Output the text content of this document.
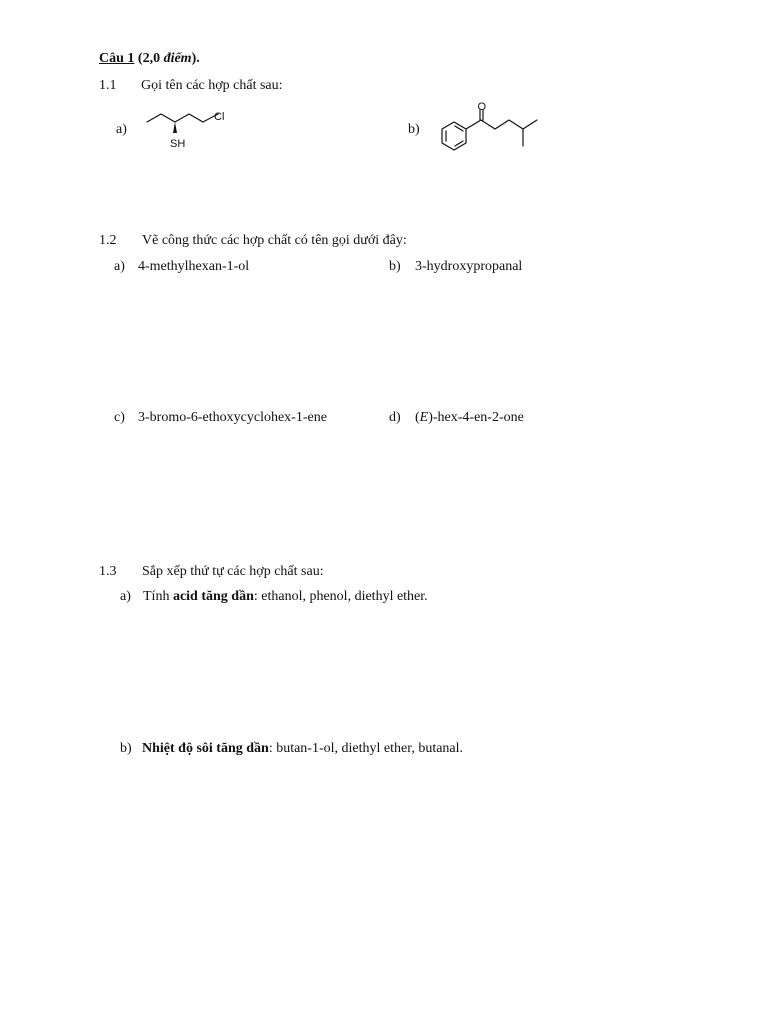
Câu 1 (2,0 điểm).
1.1 Gọi tên các hợp chất sau:
a)
Cl
SH
b)
O
1.2 Vẽ công thức các hợp chất có tên gọi dưới đây:
a) 4-methylhexan-1-ol	b) 3-hydroxypropanal
c) 3-bromo-6-ethoxycyclohex-1-ene	d) (E)-hex-4-en-2-one
1.3 Sắp xếp thứ tự các hợp chất sau:
a) Tính acid tăng dần: ethanol, phenol, diethyl ether.
b) Nhiệt độ sôi tăng dần: butan-1-ol, diethyl ether, butanal.
